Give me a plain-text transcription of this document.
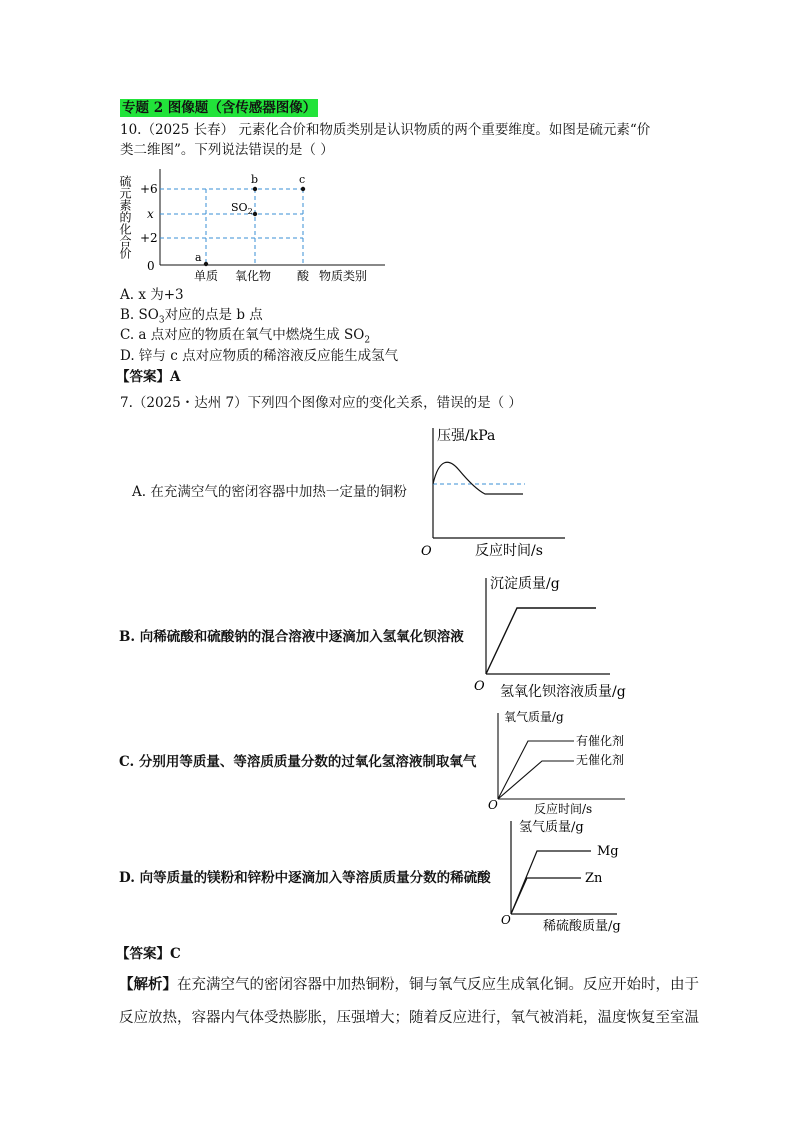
专题 2 图像题（含传感器图像）
10.（2025 长春） 元素化合价和物质类别是认识物质的两个重要维度。如图是硫元素“价
类二维图”。下列说法错误的是（ ）
硫元素的化合价 +6
x
+2
0
单质 氧化物 酸 物质类别
a
$SO_2$
b	c
A. x 为+3
B. $SO_3$对应的点是 b 点
C. a 点对应的物质在氧气中燃烧生成 $SO_2$
D. 锌与 c 点对应物质的稀溶液反应能生成氢气
【答案】A
7.（2025・达州 7）下列四个图像对应的变化关系，错误的是（ ）
A. 在充满空气的密闭容器中加热一定量的铜粉
压强/kPa
O	反应时间/s
B. 向稀硫酸和硫酸钠的混合溶液中逐滴加入氢氧化钡溶液
沉淀质量/g
O 氢氧化钡溶液质量/g
C. 分别用等质量、等溶质质量分数的过氧化氢溶液制取氧气
氧气质量/g
O	反应时间/s
有催化剂
无催化剂
D. 向等质量的镁粉和锌粉中逐滴加入等溶质质量分数的稀硫酸
氢气质量/g
O 稀硫酸质量/g
Mg
Zn
【答案】C
【解析】在充满空气的密闭容器中加热铜粉，铜与氧气反应生成氧化铜。反应开始时，由于
反应放热，容器内气体受热膨胀，压强增大；随着反应进行，氧气被消耗，温度恢复至室温
